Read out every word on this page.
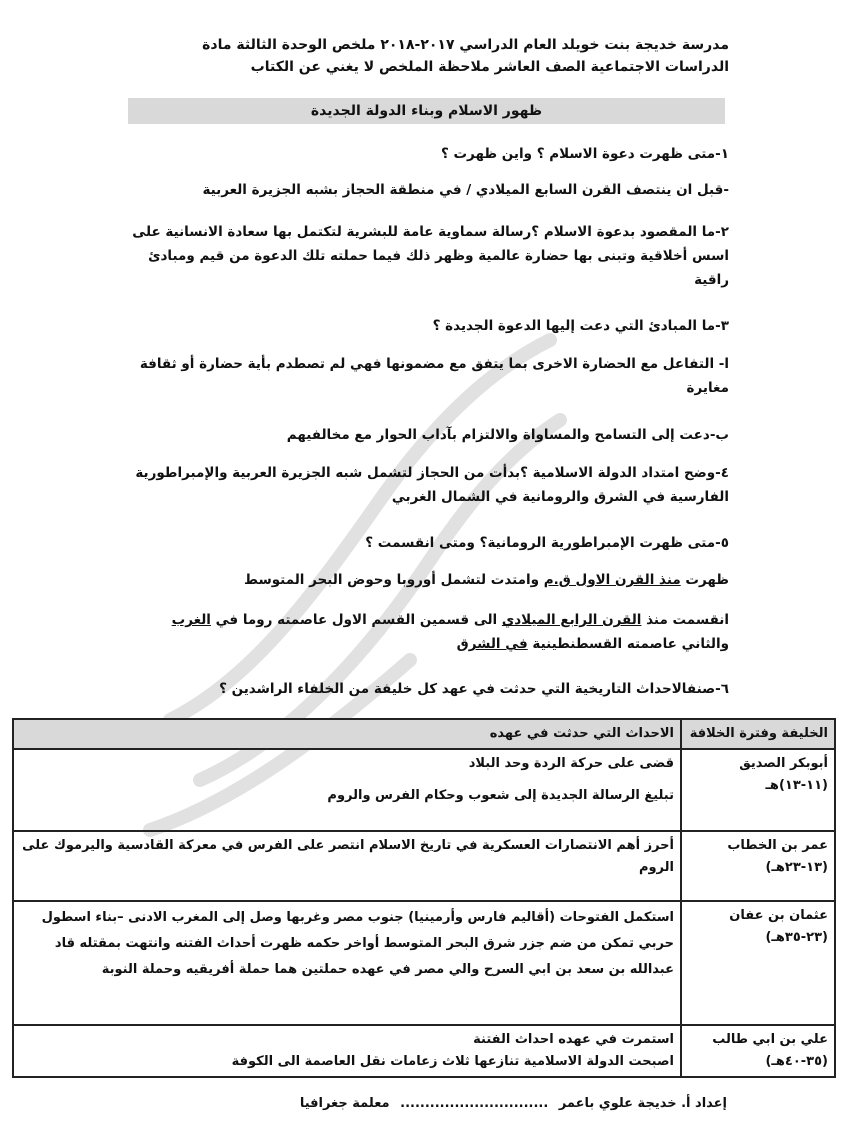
مدرسة خديجة بنت خويلد العام الدراسي ٢٠١٧-٢٠١٨ ملخص الوحدة الثالثة مادة
الدراسات الاجتماعية الصف العاشر ملاحظة الملخص لا يغني عن الكتاب
ظهور الاسلام وبناء الدولة الجديدة
١-متى ظهرت دعوة الاسلام ؟ واين ظهرت ؟
-قبل ان ينتصف القرن السابع الميلادي / في منطقة الحجاز بشبه الجزيرة العربية
٢-ما المقصود بدعوة الاسلام ؟رسالة سماوية عامة للبشرية لتكتمل بها سعادة الانسانية على اسس أخلاقية وتبنى بها حضارة عالمية وظهر ذلك فيما حملته تلك الدعوة من قيم ومبادئ راقية
٣-ما المبادئ التي دعت إليها الدعوة الجديدة ؟
ا- التفاعل مع الحضارة الاخرى بما يتفق مع مضمونها فهي لم تصطدم بأية حضارة أو ثقافة مغايرة
ب-دعت إلى التسامح والمساواة والالتزام بآداب الحوار مع مخالفيهم
٤-وضح امتداد الدولة الاسلامية ؟بدأت من الحجاز لتشمل شبه الجزيرة العربية والإمبراطورية الفارسية في الشرق والرومانية في الشمال الغربي
٥-متى ظهرت الإمبراطورية الرومانية؟ ومتى انقسمت ؟
ظهرت منذ القرن الاول ق.م وامتدت لتشمل أوروبا وحوض البحر المتوسط
انقسمت منذ القرن الرابع الميلادي الى قسمين القسم الاول عاصمته روما في الغرب والثاني عاصمته القسطنطينية في الشرق
٦-صنفالاحداث التاريخية التي حدثت في عهد كل خليفة من الخلفاء الراشدين ؟
الخليفة وفترة الخلافة	الاحداث التي حدثت في عهده
أبوبكر الصديق (١١-١٣)هـ	قضى على حركة الردة وحد البلاد
تبليغ الرسالة الجديدة إلى شعوب وحكام الفرس والروم

عمر بن الخطاب (١٣-٢٣هـ)	أحرز أهم الانتصارات العسكرية في تاريخ الاسلام انتصر على الفرس في معركة القادسية واليرموك على الروم

عثمان بن عفان (٢٣-٣٥هـ)	استكمل الفتوحات (أقاليم فارس وأرمينيا) جنوب مصر وغربها وصل إلى المغرب الادنى –بناء اسطول حربي تمكن من ضم جزر شرق البحر المتوسط أواخر حكمه ظهرت أحداث الفتنه وانتهت بمقتله قاد عبدالله بن سعد بن ابي السرح والي مصر في عهده حملتين هما حملة أفريقيه وحملة النوبة

علي بن ابي طالب (٣٥-٤٠هـ)	استمرت في عهده احداث الفتنة
اصبحت الدولة الاسلامية تنازعها ثلاث زعامات نقل العاصمة الى الكوفة
إعداد أ. خديجة علوي باعمر .............................. معلمة جغرافيا
